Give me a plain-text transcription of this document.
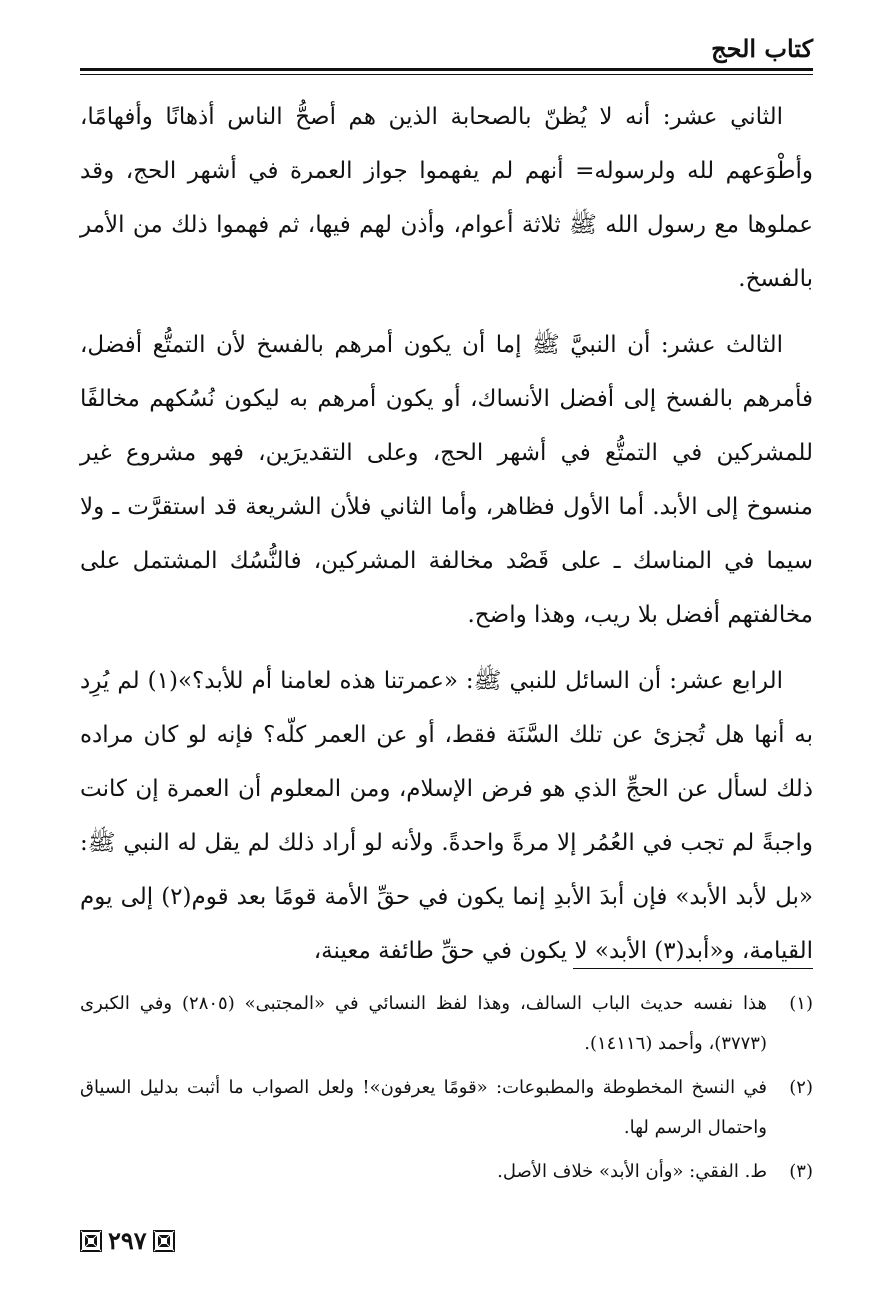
كتاب الحج

الثاني عشر: أنه لا يُظنّ بالصحابة الذين هم أصحُّ الناس أذهانًا وأفهامًا، وأطْوَعهم لله ولرسوله= أنهم لم يفهموا جواز العمرة في أشهر الحج، وقد عملوها مع رسول الله ﷺ ثلاثة أعوام، وأذن لهم فيها، ثم فهموا ذلك من الأمر بالفسخ.

الثالث عشر: أن النبيَّ ﷺ إما أن يكون أمرهم بالفسخ لأن التمتُّع أفضل، فأمرهم بالفسخ إلى أفضل الأنساك، أو يكون أمرهم به ليكون نُسُكهم مخالفًا للمشركين في التمتُّع في أشهر الحج، وعلى التقديرَين، فهو مشروع غير منسوخ إلى الأبد. أما الأول فظاهر، وأما الثاني فلأن الشريعة قد استقرَّت ـ ولا سيما في المناسك ـ على قَصْد مخالفة المشركين، فالنُّسُك المشتمل على مخالفتهم أفضل بلا ريب، وهذا واضح.

الرابع عشر: أن السائل للنبي ﷺ: «عمرتنا هذه لعامنا أم للأبد؟»(١) لم يُرِد به أنها هل تُجزئ عن تلك السَّنَة فقط، أو عن العمر كلّه؟ فإنه لو كان مراده ذلك لسأل عن الحجِّ الذي هو فرض الإسلام، ومن المعلوم أن العمرة إن كانت واجبةً لم تجب في العُمُر إلا مرةً واحدةً. ولأنه لو أراد ذلك لم يقل له النبي ﷺ: «بل لأبد الأبد» فإن أبدَ الأبدِ إنما يكون في حقِّ الأمة قومًا بعد قوم(٢) إلى يوم القيامة، و«أبد(٣) الأبد» لا يكون في حقِّ طائفة معينة،

(١)
هذا نفسه حديث الباب السالف، وهذا لفظ النسائي في «المجتبى» (٢٨٠٥) وفي الكبرى (٣٧٧٣)، وأحمد (١٤١١٦).
(٢)
في النسخ المخطوطة والمطبوعات: «قومًا يعرفون»! ولعل الصواب ما أثبت بدليل السياق واحتمال الرسم لها.
(٣)
ط. الفقي: «وأن الأبد» خلاف الأصل.
٢٩٧
